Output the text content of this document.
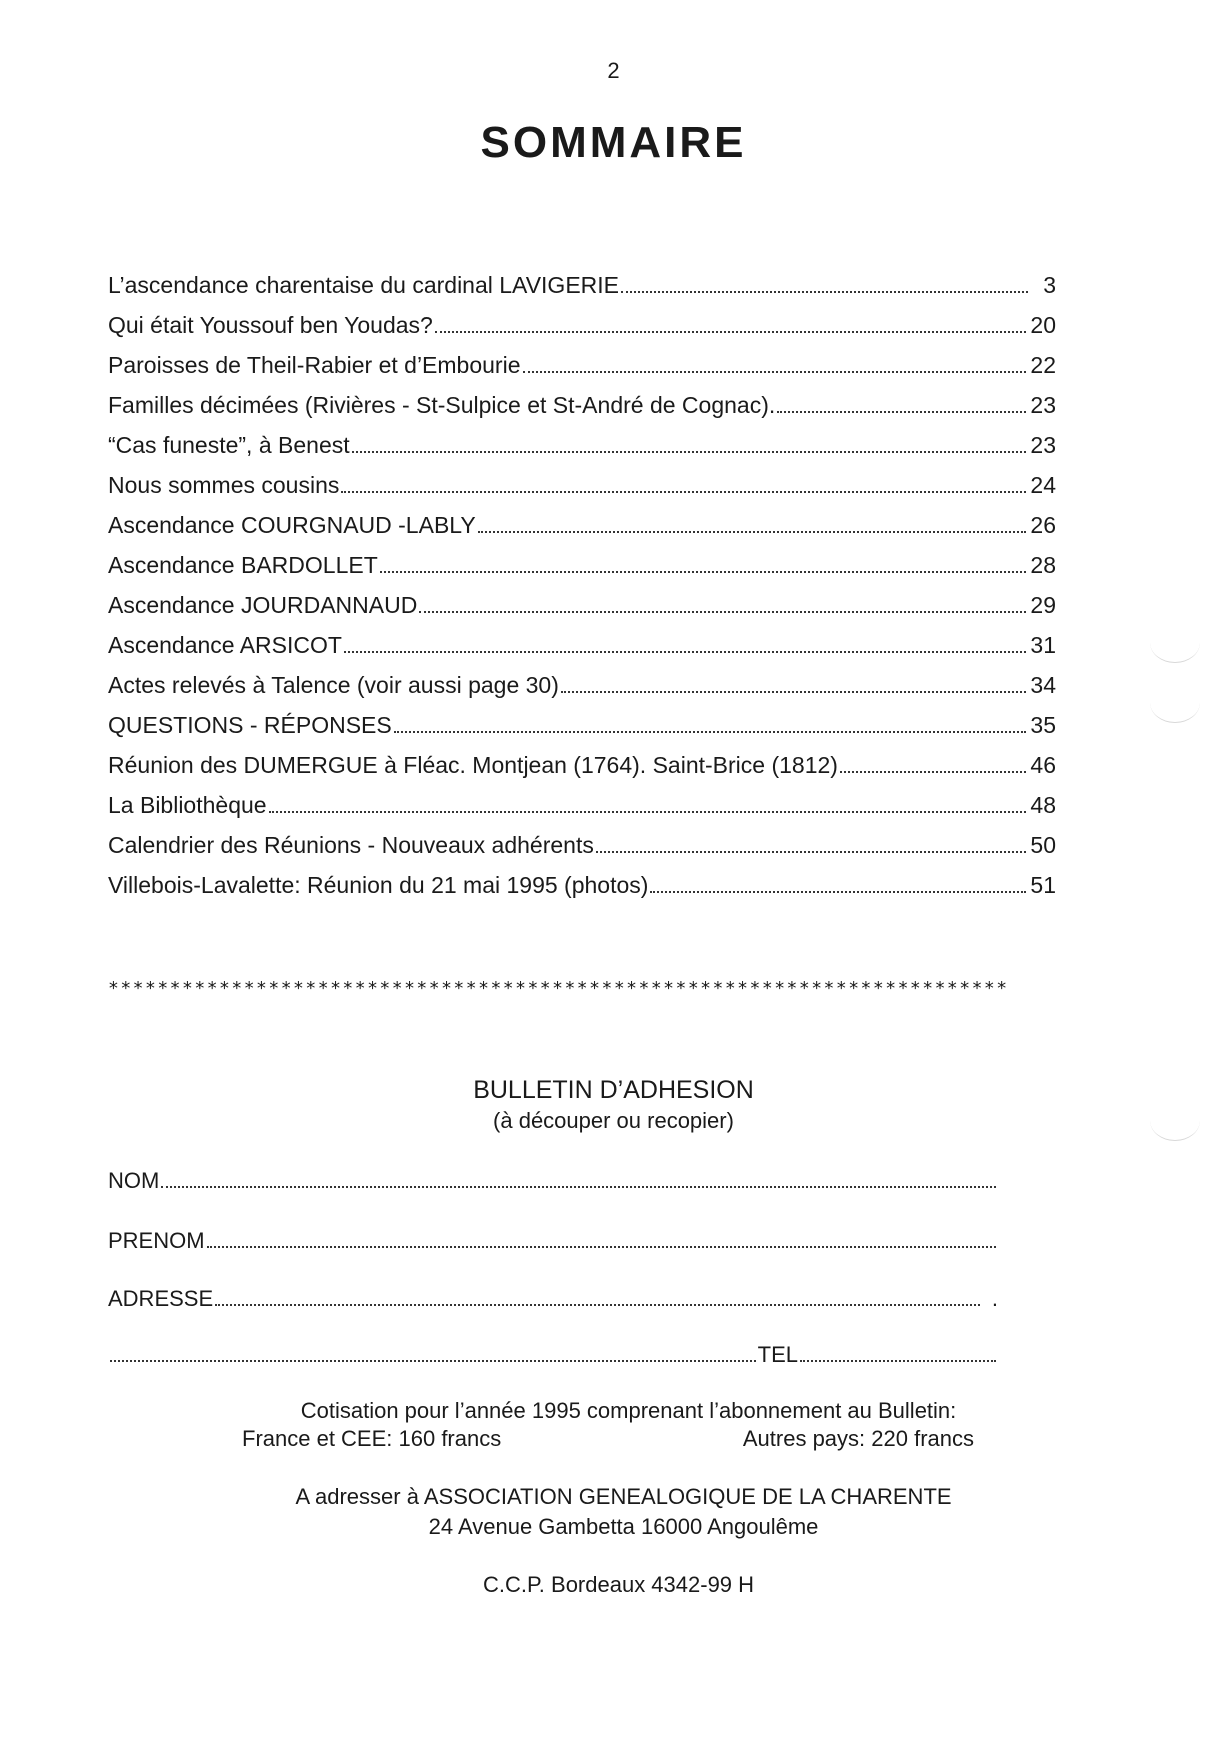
2
SOMMAIRE
L’ascendance charentaise du cardinal LAVIGERIE	3
Qui était Youssouf ben Youdas?	20
Paroisses de Theil-Rabier et d’Embourie	22
Familles décimées (Rivières - St-Sulpice et St-André de Cognac).	23
“Cas funeste”, à Benest	23
Nous sommes cousins	24
Ascendance COURGNAUD -LABLY	26
Ascendance BARDOLLET	28
Ascendance JOURDANNAUD	29
Ascendance ARSICOT	31
Actes relevés à Talence (voir aussi page 30)	34
QUESTIONS - RÉPONSES	35
Réunion des DUMERGUE à Fléac. Montjean (1764). Saint-Brice (1812)	46
La Bibliothèque	48
Calendrier des Réunions - Nouveaux adhérents	50
Villebois-Lavalette: Réunion du 21 mai 1995 (photos)	51
*************************************************************************
BULLETIN D’ADHESION
(à découper ou recopier)
NOM
PRENOM
ADRESSE	.
TEL
Cotisation pour l’année 1995 comprenant l’abonnement au Bulletin:
France et CEE: 160 francs	Autres pays: 220 francs
A adresser à ASSOCIATION GENEALOGIQUE DE LA CHARENTE
24 Avenue Gambetta 16000 Angoulême
C.C.P. Bordeaux 4342-99 H
